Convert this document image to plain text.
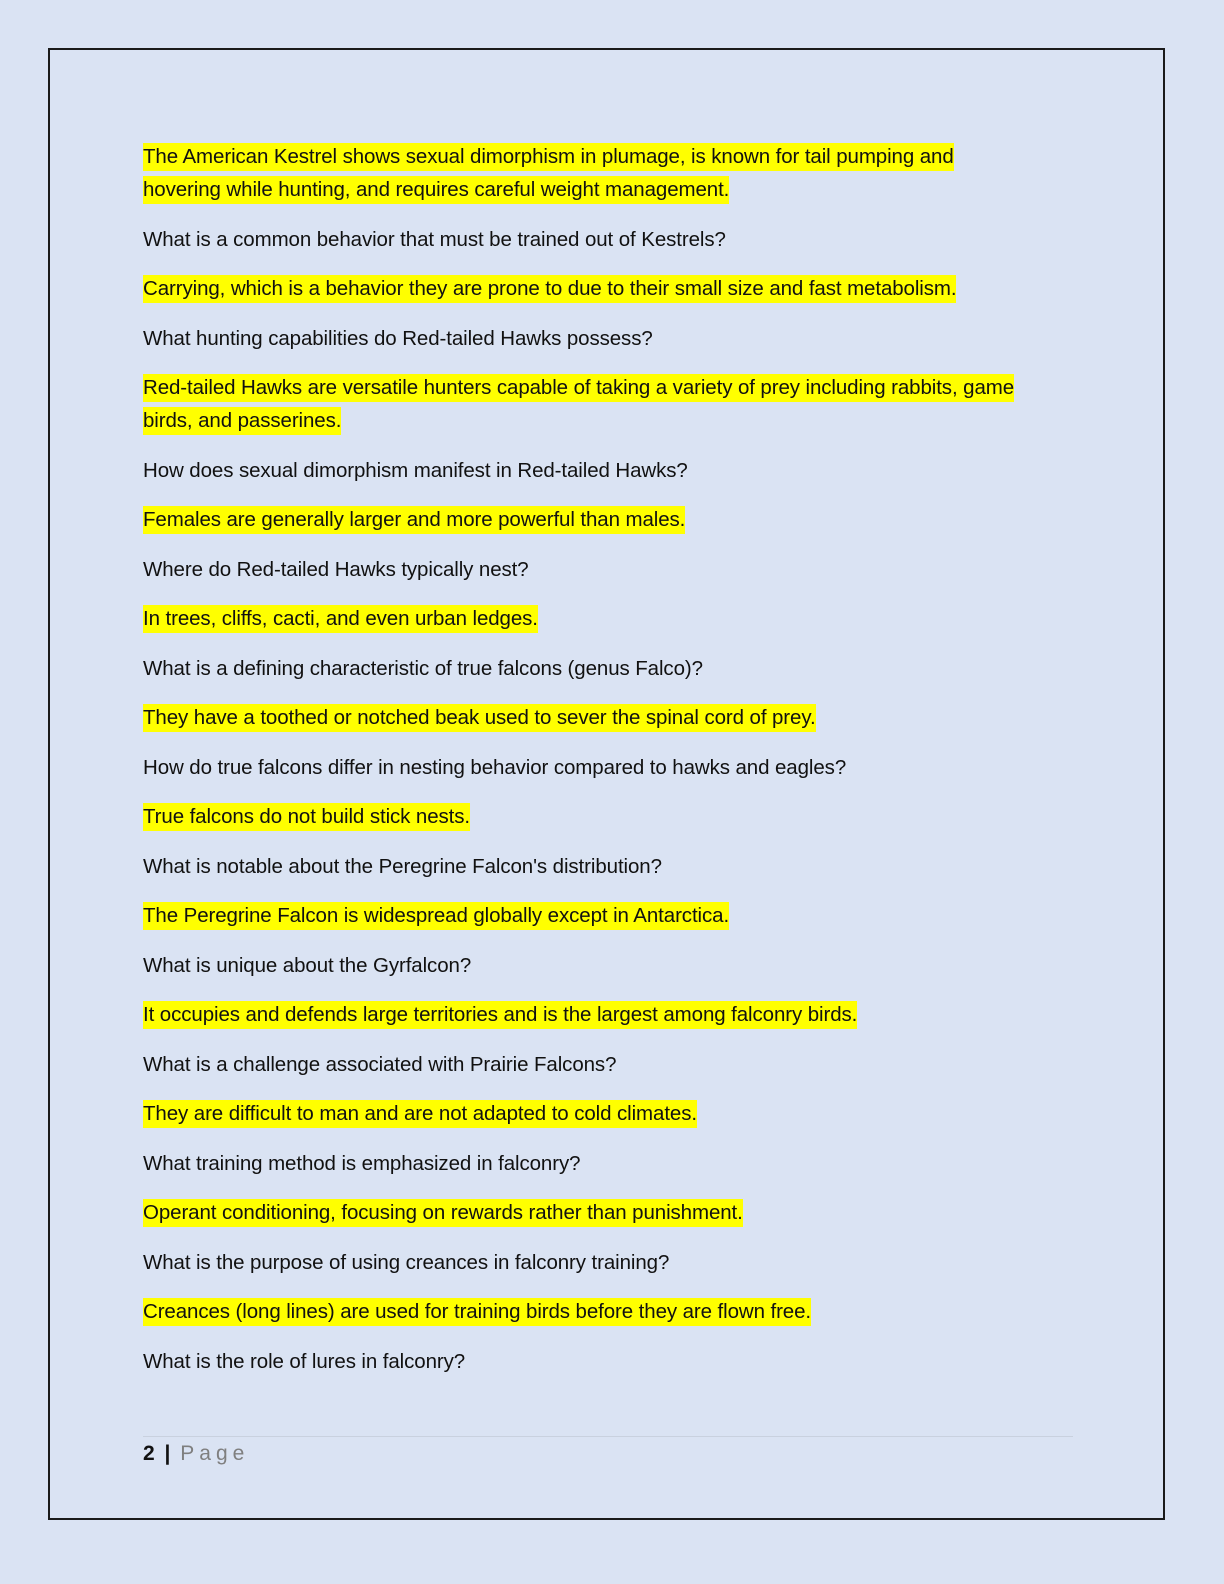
The American Kestrel shows sexual dimorphism in plumage, is known for tail pumping and hovering while hunting, and requires careful weight management.

What is a common behavior that must be trained out of Kestrels?

Carrying, which is a behavior they are prone to due to their small size and fast metabolism.

What hunting capabilities do Red-tailed Hawks possess?

Red-tailed Hawks are versatile hunters capable of taking a variety of prey including rabbits, game birds, and passerines.

How does sexual dimorphism manifest in Red-tailed Hawks?

Females are generally larger and more powerful than males.

Where do Red-tailed Hawks typically nest?

In trees, cliffs, cacti, and even urban ledges.

What is a defining characteristic of true falcons (genus Falco)?

They have a toothed or notched beak used to sever the spinal cord of prey.

How do true falcons differ in nesting behavior compared to hawks and eagles?

True falcons do not build stick nests.

What is notable about the Peregrine Falcon's distribution?

The Peregrine Falcon is widespread globally except in Antarctica.

What is unique about the Gyrfalcon?

It occupies and defends large territories and is the largest among falconry birds.

What is a challenge associated with Prairie Falcons?

They are difficult to man and are not adapted to cold climates.

What training method is emphasized in falconry?

Operant conditioning, focusing on rewards rather than punishment.

What is the purpose of using creances in falconry training?

Creances (long lines) are used for training birds before they are flown free.

What is the role of lures in falconry?

2 | Page
